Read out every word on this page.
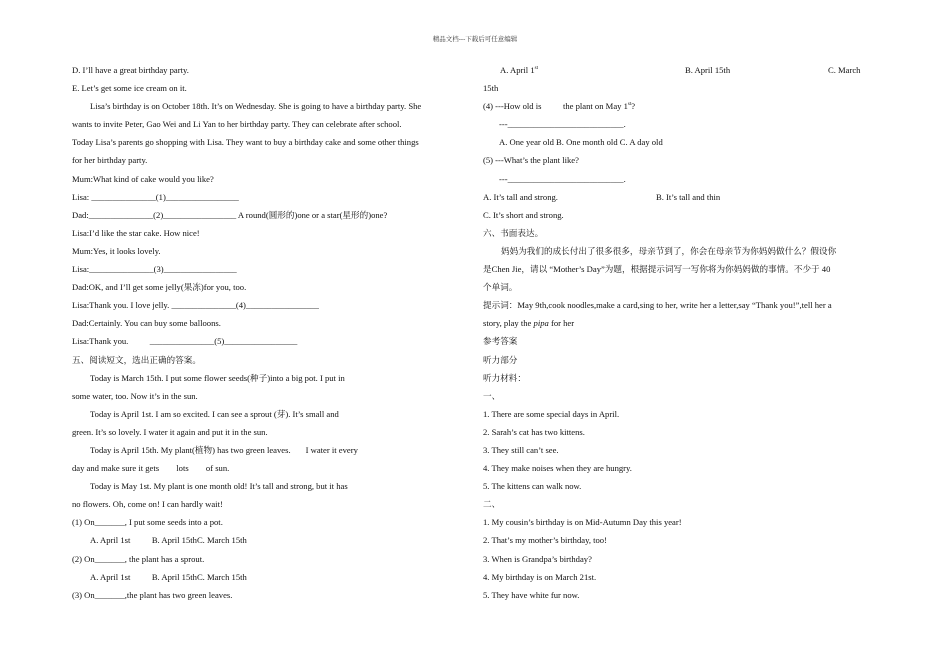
精品文档---下载后可任意编辑
D. I’ll have a great birthday party.
E. Let’s get some ice cream on it.
Lisa’s birthday is on October 18th. It’s on Wednesday. She is going to have a birthday party. She
wants to invite Peter, Gao Wei and Li Yan to her birthday party. They can celebrate after school.
Today Lisa’s parents go shopping with Lisa. They want to buy a birthday cake and some other things
for her birthday party.
Mum:What kind of cake would you like?
Lisa: _______________(1)_________________
Dad:_______________(2)_________________ A round(圆形的)one or a star(星形的)one?
Lisa:I’d like the star cake. How nice!
Mum:Yes, it looks lovely.
Lisa:_______________(3)_________________
Dad:OK, and I’ll get some jelly(果冻)for you, too.
Lisa:Thank you. I love jelly. _______________(4)_________________
Dad:Certainly. You can buy some balloons.
Lisa:Thank you.          _______________(5)_________________
五、阅读短文，选出正确的答案。
Today is March 15th. I put some flower seeds(种子)into a big pot. I put in
some water, too. Now it’s in the sun.
Today is April 1st. I am so excited. I can see a sprout (芽). It’s small and
green. It’s so lovely. I water it again and put it in the sun.
Today is April 15th. My plant(植物) has two green leaves.       I water it every
day and make sure it gets        lots        of sun.
Today is May 1st. My plant is one month old! It’s tall and strong, but it has
no flowers. Oh, come on! I can hardly wait!
(1) On_______, I put some seeds into a pot.
A. April 1st          B. April 15thC. March 15th
(2) On_______, the plant has a sprout.
A. April 1st          B. April 15thC. March 15th
(3) On_______,the plant has two green leaves.
A. April 1st	B. April 15th	C. March
15th
(4) ---How old is          the plant on May 1st?
---___________________________.
A. One year old B. One month old C. A day old
(5) ---What’s the plant like?
---___________________________.
A. It’s tall and strong.	B. It’s tall and thin
C. It’s short and strong.
六、书面表达。
妈妈为我们的成长付出了很多很多，母亲节到了，你会在母亲节为你妈妈做什么？假设你
是Chen Jie，请以 “Mother’s Day”为题，根据提示词写一写你将为你妈妈做的事情。不少于 40
个单词。
提示词：May 9th,cook noodles,make a card,sing to her, write her a letter,say “Thank you!”,tell her a
story, play the pipa for her
参考答案
听力部分
听力材料：
一、
1. There are some special days in April.
2. Sarah’s cat has two kittens.
3. They still can’t see.
4. They make noises when they are hungry.
5. The kittens can walk now.
二、
1. My cousin’s birthday is on Mid-Autumn Day this year!
2. That’s my mother’s birthday, too!
3. When is Grandpa’s birthday?
4. My birthday is on March 21st.
5. They have white fur now.
